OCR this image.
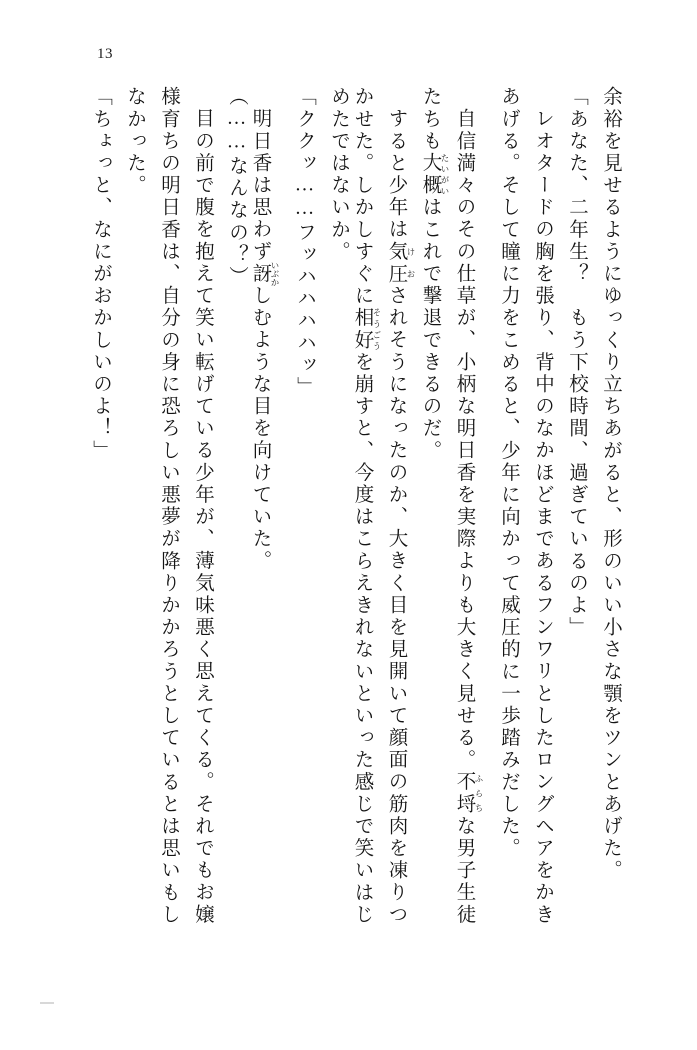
13
余裕を見せるようにゆっくり立ちあがると、形のいい小さな顎をツンとあげた。
「あなた、二年生？　もう下校時間、過ぎているのよ」
レオタードの胸を張り、背中のなかほどまであるフンワリとしたロングヘアをかき
あげる。そして瞳に力をこめると、少年に向かって威圧的に一歩踏みだした。
自信満々のその仕草が、小柄な明日香を実際よりも大きく見せる。不埒 ふらちな男子生徒
たちも大概 たいがいはこれで撃退できるのだ。
すると少年は気圧 けおされそうになったのか、大きく目を見開いて顔面の筋肉を凍りつ
かせた。しかしすぐに相好 そうごうを崩すと、今度はこらえきれないといった感じで笑いはじ
めたではないか。
「ククッ……フッハハハハッ」
明日香は思わず訝 いぶかしむような目を向けていた。
（……なんなの？）
目の前で腹を抱えて笑い転げている少年が、薄気味悪く思えてくる。それでもお嬢
様育ちの明日香は、自分の身に恐ろしい悪夢が降りかかろうとしているとは思いもし
なかった。
「ちょっと、なにがおかしいのよ！」
